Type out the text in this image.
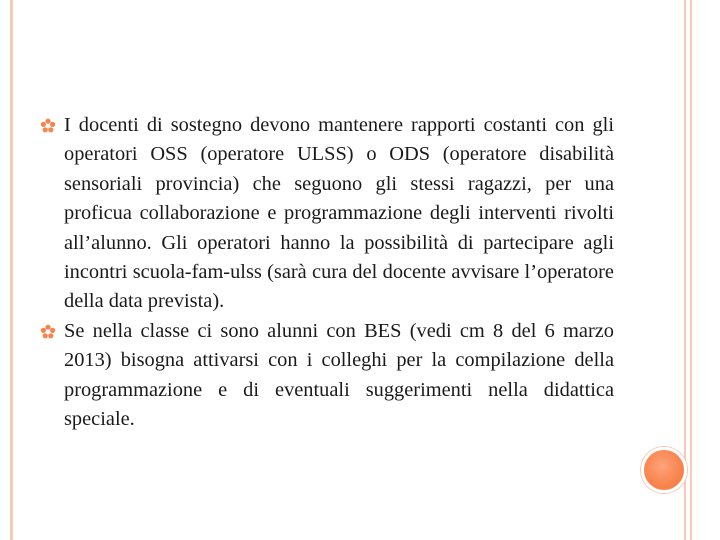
I docenti di sostegno devono mantenere rapporti costanti con gli operatori OSS (operatore ULSS) o ODS (operatore disabilità sensoriali provincia) che seguono gli stessi ragazzi, per una proficua collaborazione e programmazione degli interventi rivolti all’alunno. Gli operatori hanno la possibilità di partecipare agli incontri scuola-fam-ulss (sarà cura del docente avvisare l’operatore della data prevista).
Se nella classe ci sono alunni con BES (vedi cm 8 del 6 marzo 2013) bisogna attivarsi con i colleghi per la compilazione della programmazione e di eventuali suggerimenti nella didattica speciale.
